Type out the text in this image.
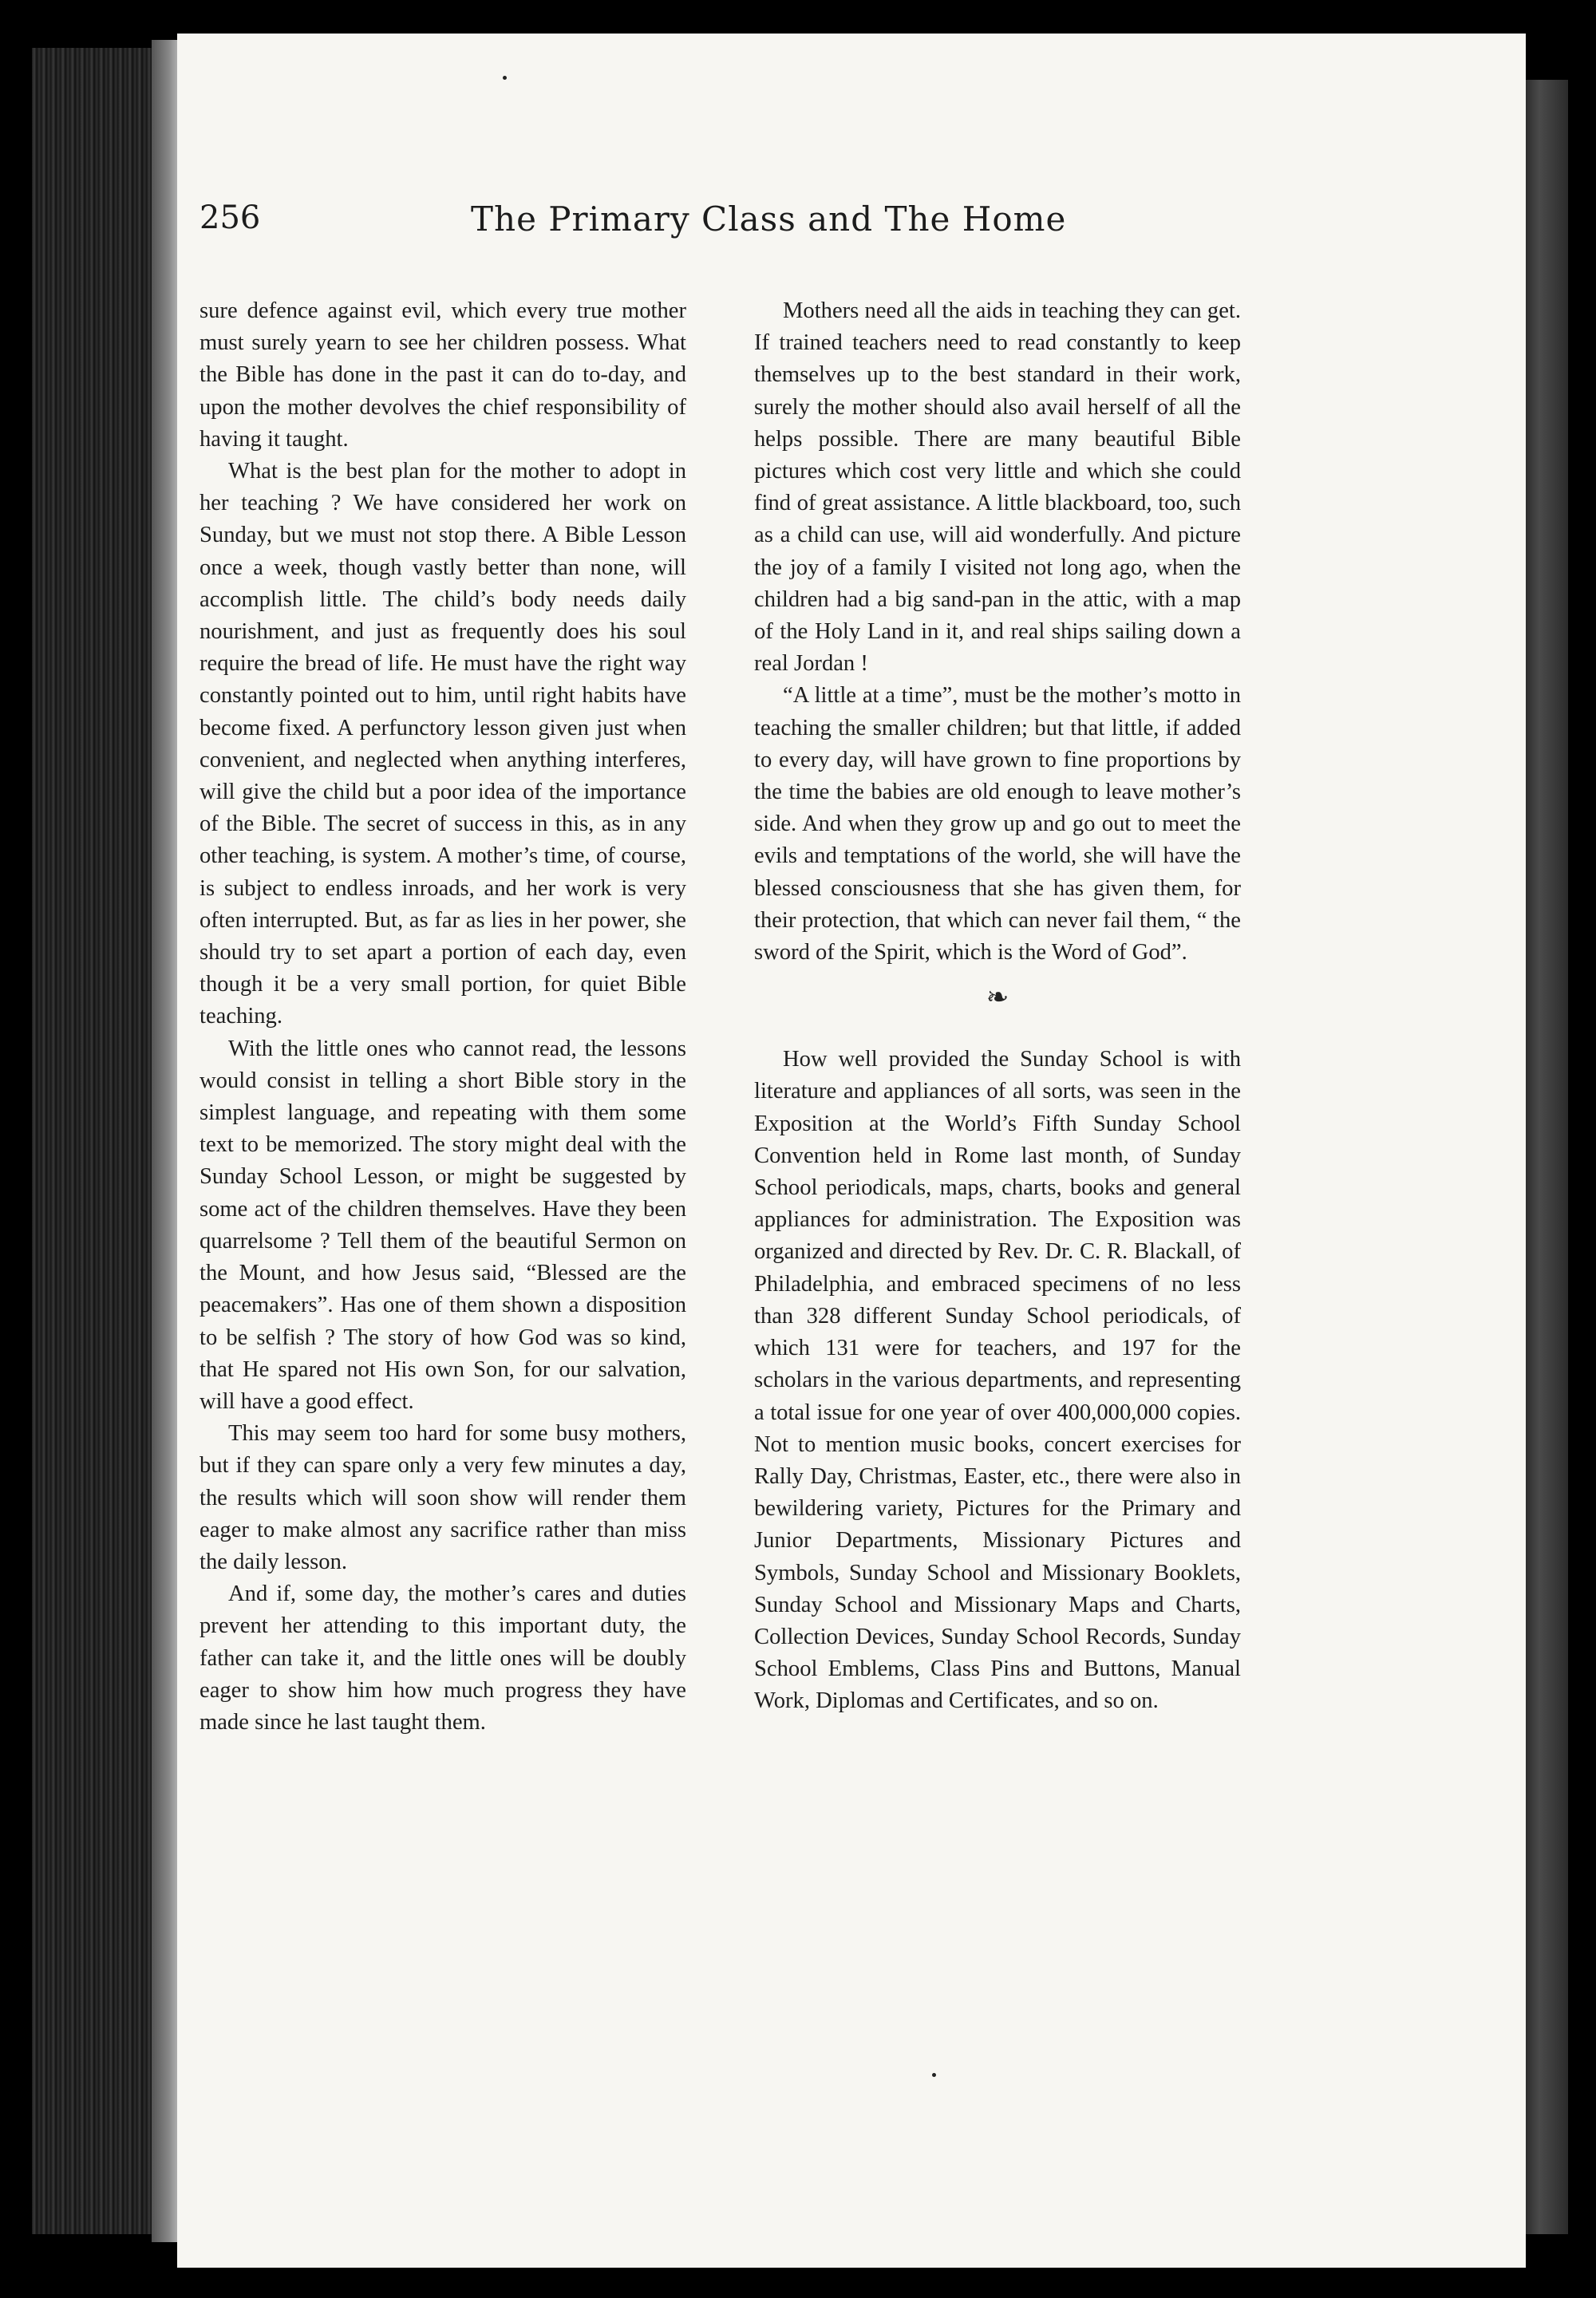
256	The Primary Class and The Home

sure defence against evil, which every true mother must surely yearn to see her children possess. What the Bible has done in the past it can do to-day, and upon the mother devolves the chief responsibility of having it taught.

What is the best plan for the mother to adopt in her teaching ? We have considered her work on Sunday, but we must not stop there. A Bible Lesson once a week, though vastly better than none, will accomplish little. The child’s body needs daily nourishment, and just as frequently does his soul require the bread of life. He must have the right way constantly pointed out to him, until right habits have become fixed. A perfunctory lesson given just when convenient, and neglected when anything interferes, will give the child but a poor idea of the importance of the Bible. The secret of success in this, as in any other teaching, is system. A mother’s time, of course, is subject to endless inroads, and her work is very often interrupted. But, as far as lies in her power, she should try to set apart a portion of each day, even though it be a very small portion, for quiet Bible teaching.

With the little ones who cannot read, the lessons would consist in telling a short Bible story in the simplest language, and repeating with them some text to be memorized. The story might deal with the Sunday School Lesson, or might be suggested by some act of the children themselves. Have they been quarrelsome ? Tell them of the beautiful Sermon on the Mount, and how Jesus said, “Blessed are the peacemakers”. Has one of them shown a disposition to be selfish ? The story of how God was so kind, that He spared not His own Son, for our salvation, will have a good effect.

This may seem too hard for some busy mothers, but if they can spare only a very few minutes a day, the results which will soon show will render them eager to make almost any sacrifice rather than miss the daily lesson.

And if, some day, the mother’s cares and duties prevent her attending to this important duty, the father can take it, and the little ones will be doubly eager to show him how much progress they have made since he last taught them.

Mothers need all the aids in teaching they can get. If trained teachers need to read constantly to keep themselves up to the best standard in their work, surely the mother should also avail herself of all the helps possible. There are many beautiful Bible pictures which cost very little and which she could find of great assistance. A little blackboard, too, such as a child can use, will aid wonderfully. And picture the joy of a family I visited not long ago, when the children had a big sand-pan in the attic, with a map of the Holy Land in it, and real ships sailing down a real Jordan !

“A little at a time”, must be the mother’s motto in teaching the smaller children; but that little, if added to every day, will have grown to fine proportions by the time the babies are old enough to leave mother’s side. And when they grow up and go out to meet the evils and temptations of the world, she will have the blessed consciousness that she has given them, for their protection, that which can never fail them, “ the sword of the Spirit, which is the Word of God”.

❧

How well provided the Sunday School is with literature and appliances of all sorts, was seen in the Exposition at the World’s Fifth Sunday School Convention held in Rome last month, of Sunday School periodicals, maps, charts, books and general appliances for administration. The Exposition was organized and directed by Rev. Dr. C. R. Blackall, of Philadelphia, and embraced specimens of no less than 328 different Sunday School periodicals, of which 131 were for teachers, and 197 for the scholars in the various departments, and representing a total issue for one year of over 400,000,000 copies. Not to mention music books, concert exercises for Rally Day, Christmas, Easter, etc., there were also in bewildering variety, Pictures for the Primary and Junior Departments, Missionary Pictures and Symbols, Sunday School and Missionary Booklets, Sunday School and Missionary Maps and Charts, Collection Devices, Sunday School Records, Sunday School Emblems, Class Pins and Buttons, Manual Work, Diplomas and Certificates, and so on.
